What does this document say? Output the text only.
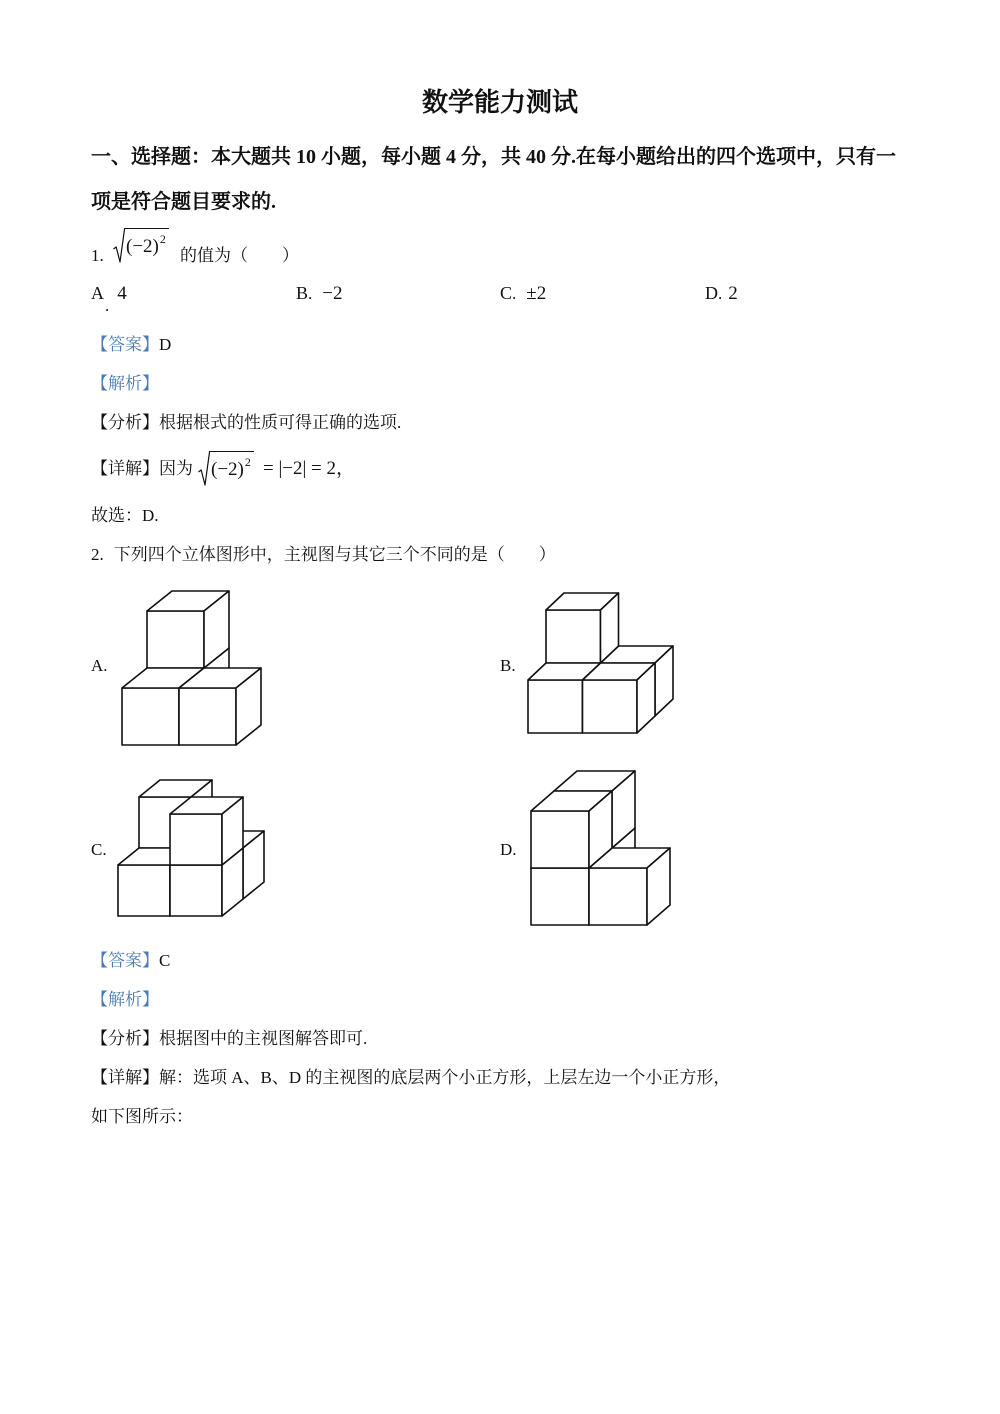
数学能力测试
一、选择题：本大题共 10 小题，每小题 4 分，共 40 分.在每小题给出的四个选项中，只有一
项是符合题目要求的.
1. $(-2)^2$
的值为（　　）
A.4	B. −2	C. ±2	D. 2
【答案】D
【解析】
【分析】根据根式的性质可得正确的选项.
【详解】因为 $(-2)^2 = |-2| = 2$，
故选：D.
2. 下列四个立体图形中，主视图与其它三个不同的是（　　）
A.	B.
C.	D.
【答案】C
【解析】
【分析】根据图中的主视图解答即可.
【详解】解：选项 A、B、D 的主视图的底层两个小正方形，上层左边一个小正方形，
如下图所示：
